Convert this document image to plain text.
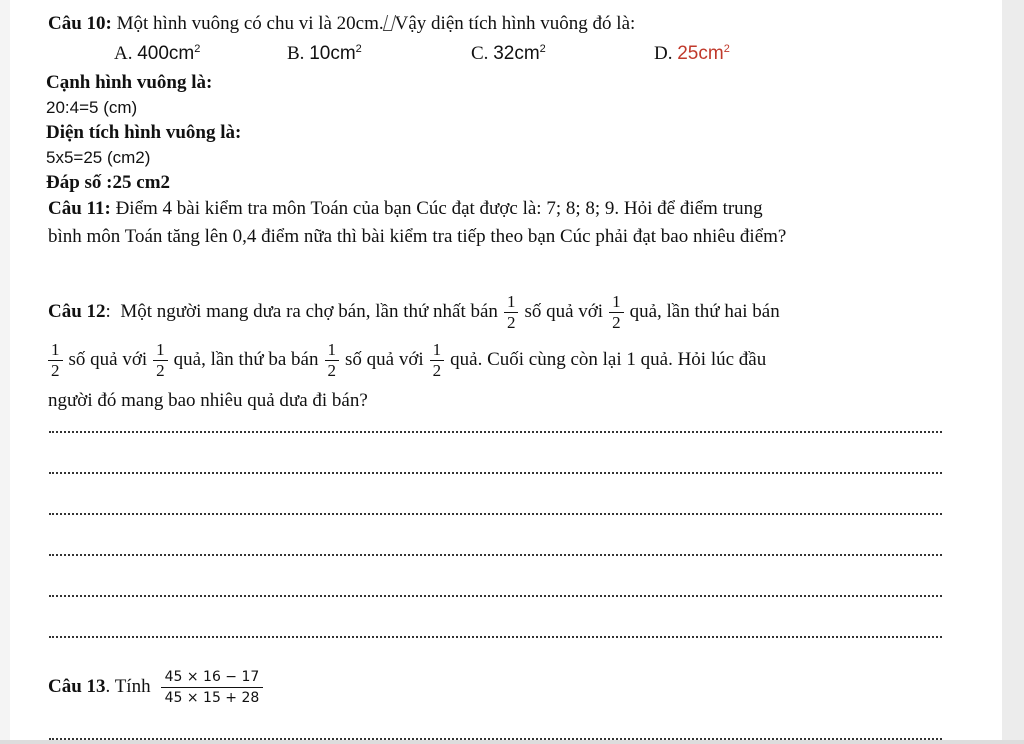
Câu 10: Một hình vuông có chu vi là 20cm. Vậy diện tích hình vuông đó là:
A. $400cm^2$	B. $10cm^2$	C. $32cm^2$	D. $25cm^2$
Cạnh hình vuông là:
20:4=5 (cm)
Diện tích hình vuông là:
5x5=25 (cm2)
Đáp số :25 cm2
Câu 11: Điểm 4 bài kiểm tra môn Toán của bạn Cúc đạt được là: 7; 8; 8; 9. Hỏi để điểm trung
bình môn Toán tăng lên 0,4 điểm nữa thì bài kiểm tra tiếp theo bạn Cúc phải đạt bao nhiêu điểm?
Câu 12 :
Một người mang dưa ra chợ bán, lần thứ nhất bán $\frac{1}{2}$ số quả với $\frac{1}{2}$ quả, lần thứ hai bán
$\frac{1}{2}$ số quả với $\frac{1}{2}$ quả, lần thứ ba bán $\frac{1}{2}$ số quả với $\frac{1}{2}$ quả. Cuối cùng còn lại 1 quả. Hỏi lúc đầu
người đó mang bao nhiêu quả dưa đi bán?
Câu 13 . Tính $\frac{45 \times 16 - 17}{45 \times 15 + 28}$
